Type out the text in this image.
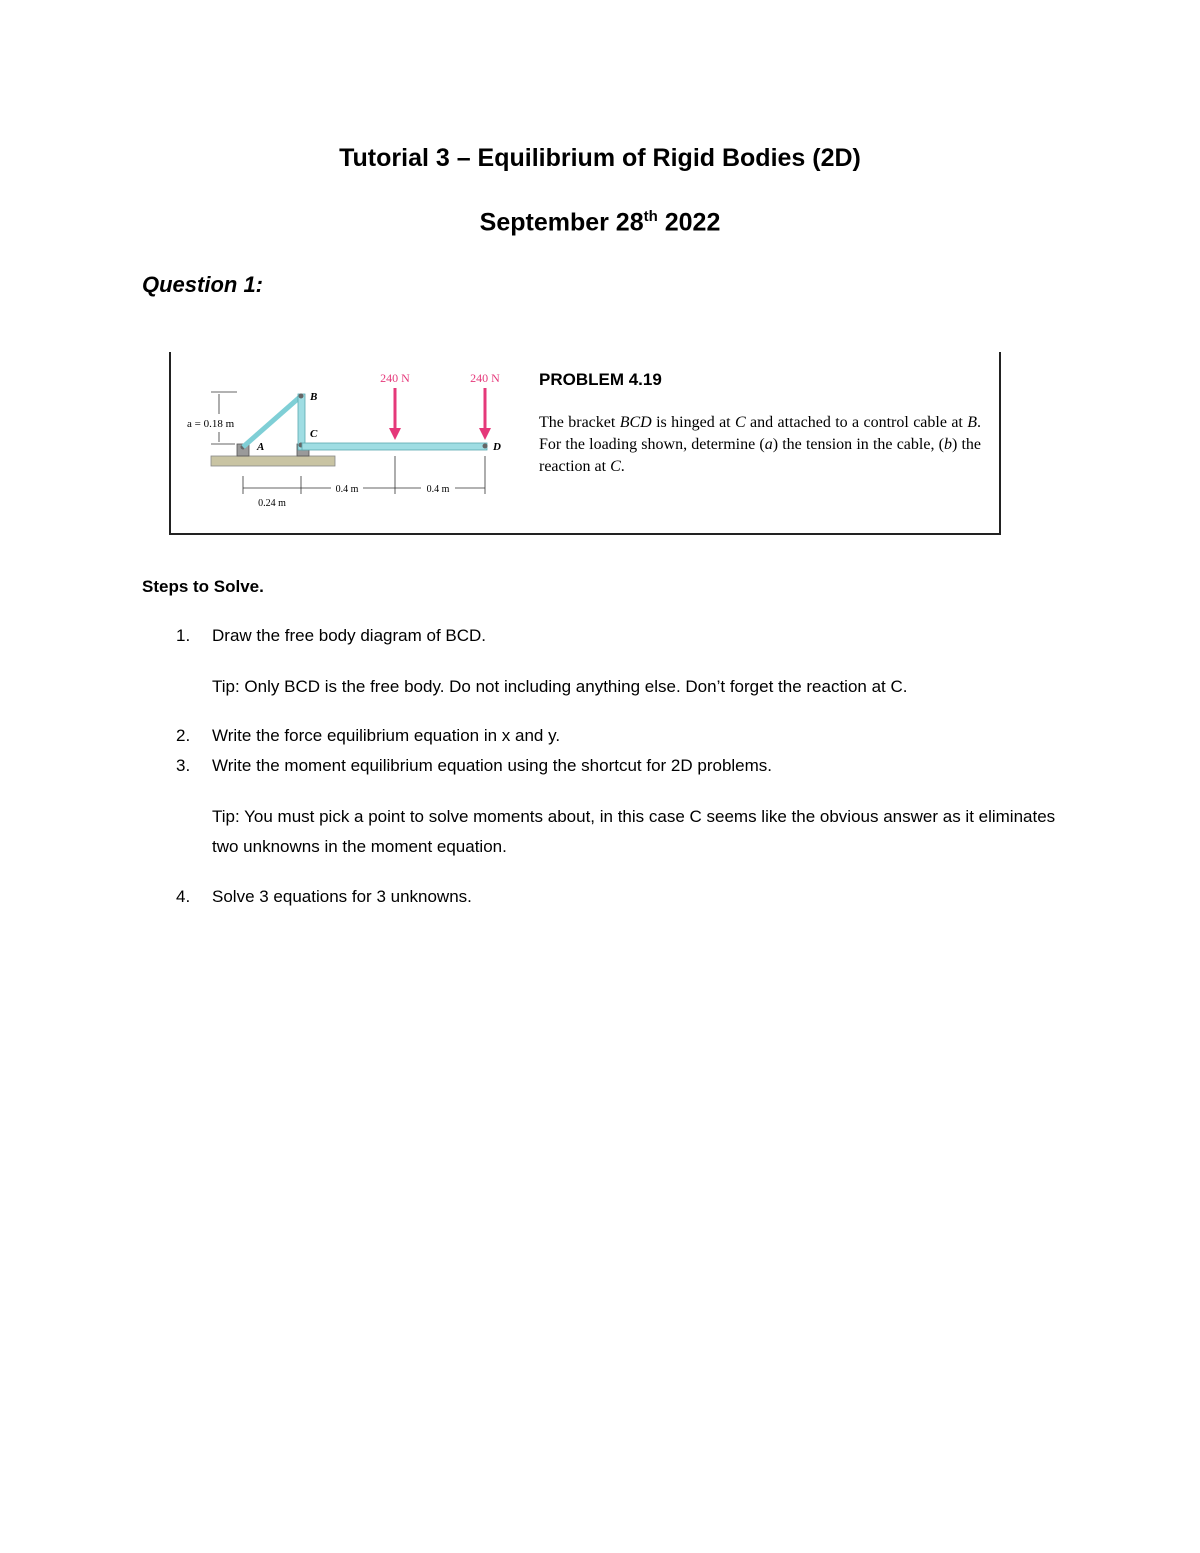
Tutorial 3 – Equilibrium of Rigid Bodies (2D)
September 28th 2022
Question 1:
240 N	240 N
a = 0.18 m
A
B
C
D
0.24 m
0.4 m	0.4 m
PROBLEM 4.19
The bracket BCD is hinged at C and attached to a control cable at B. For the loading shown, determine (a) the tension in the cable, (b) the reaction at C.
Steps to Solve.
1. Draw the free body diagram of BCD.
Tip: Only BCD is the free body. Do not including anything else. Don’t forget the reaction at C.
2. Write the force equilibrium equation in x and y.
3. Write the moment equilibrium equation using the shortcut for 2D problems.
Tip: You must pick a point to solve moments about, in this case C seems like the obvious answer as it eliminates two unknowns in the moment equation.
4. Solve 3 equations for 3 unknowns.
